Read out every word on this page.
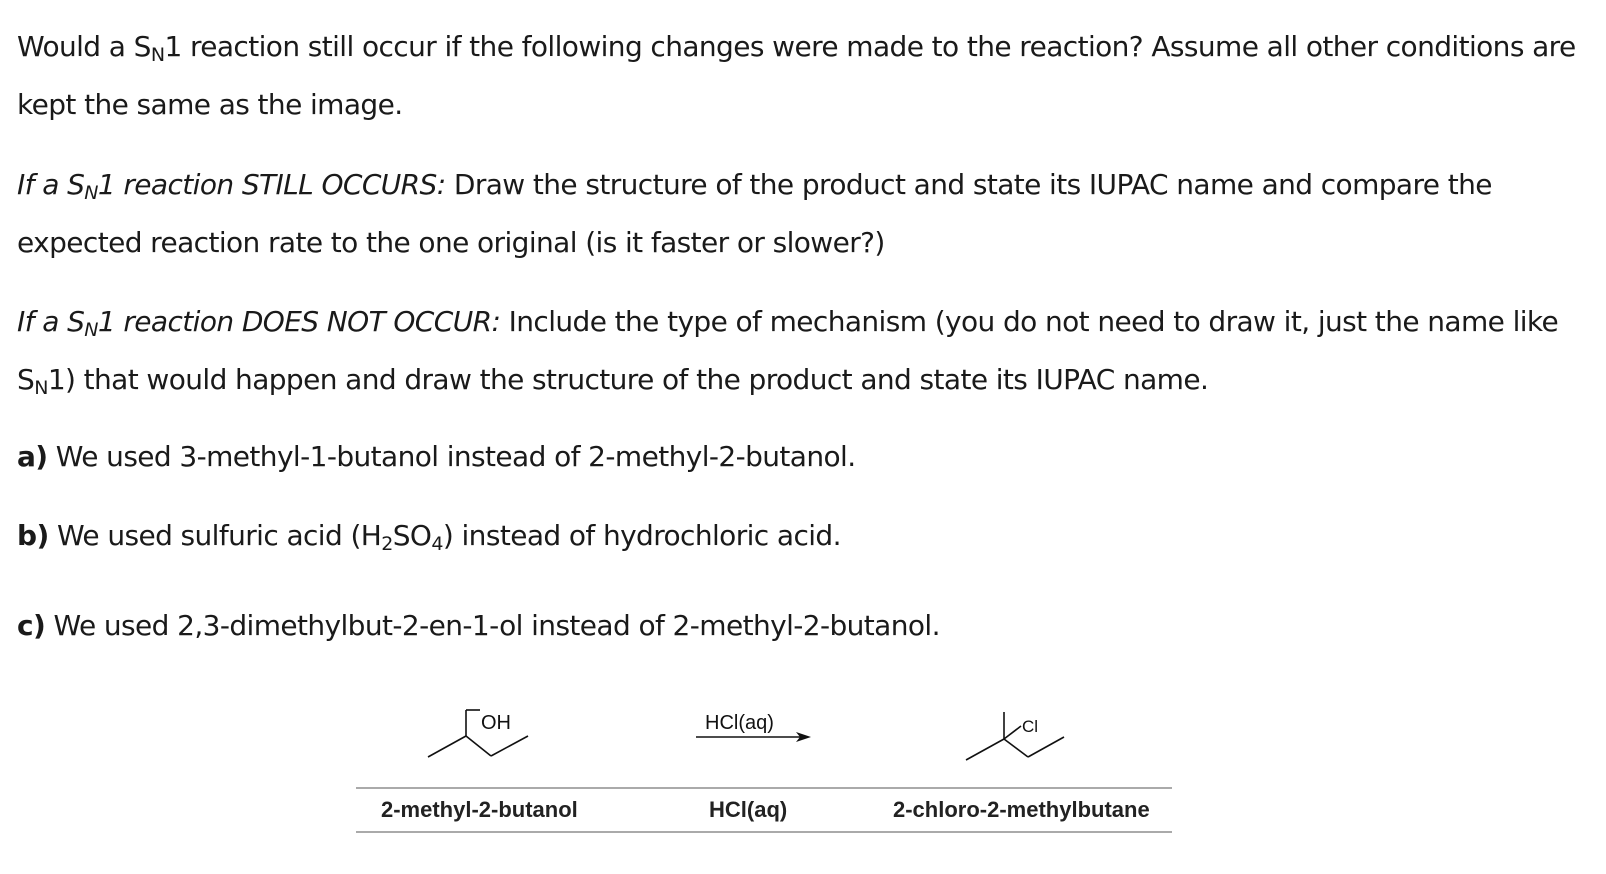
Would a $S_N1$ reaction still occur if the following changes were made to the reaction? Assume all other conditions are kept the same as the image.

If a $S_N1$ reaction STILL OCCURS: Draw the structure of the product and state its IUPAC name and compare the expected reaction rate to the one original (is it faster or slower?)

If a $S_N1$ reaction DOES NOT OCCUR: Include the type of mechanism (you do not need to draw it, just the name like $S_N1$) that would happen and draw the structure of the product and state its IUPAC name.

a) We used 3-methyl-1-butanol instead of 2-methyl-2-butanol.

b) We used sulfuric acid $(H_2SO_4)$ instead of hydrochloric acid.

c) We used 2,3-dimethylbut-2-en-1-ol instead of 2-methyl-2-butanol.

OH	HCl(aq)	Cl
2-methyl-2-butanol	HCl(aq)	2-chloro-2-methylbutane
